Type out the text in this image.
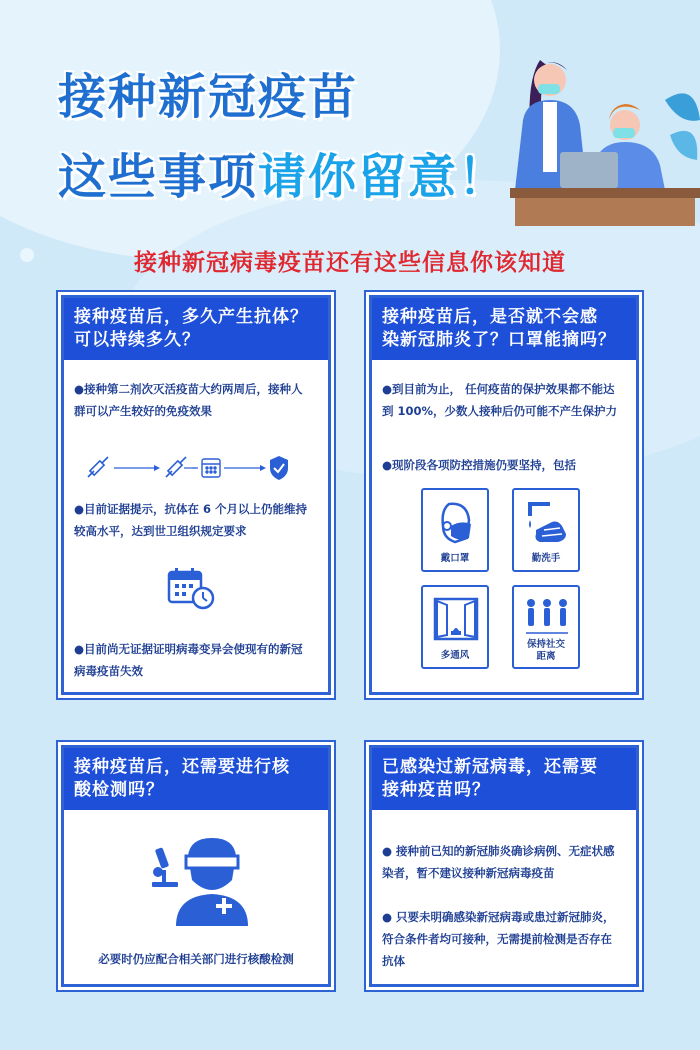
接种新冠疫苗
这些事项请你留意！
接种新冠病毒疫苗还有这些信息你该知道
接种疫苗后，多久产生抗体？
可以持续多久？
●接种第二剂次灭活疫苗大约两周后，接种人
群可以产生较好的免疫效果
●目前证据提示，抗体在 6 个月以上仍能维持
较高水平，达到世卫组织规定要求
●目前尚无证据证明病毒变异会使现有的新冠
病毒疫苗失效
接种疫苗后，是否就不会感
染新冠肺炎了？口罩能摘吗？
●到目前为止， 任何疫苗的保护效果都不能达
到 100%，少数人接种后仍可能不产生保护力
●现阶段各项防控措施仍要坚持，包括
戴口罩	勤洗手
多通风
保持社交
距离
接种疫苗后，还需要进行核
酸检测吗？
必要时仍应配合相关部门进行核酸检测
已感染过新冠病毒，还需要
接种疫苗吗？
● 接种前已知的新冠肺炎确诊病例、无症状感
染者，暂不建议接种新冠病毒疫苗
● 只要未明确感染新冠病毒或患过新冠肺炎，
符合条件者均可接种，无需提前检测是否存在
抗体
